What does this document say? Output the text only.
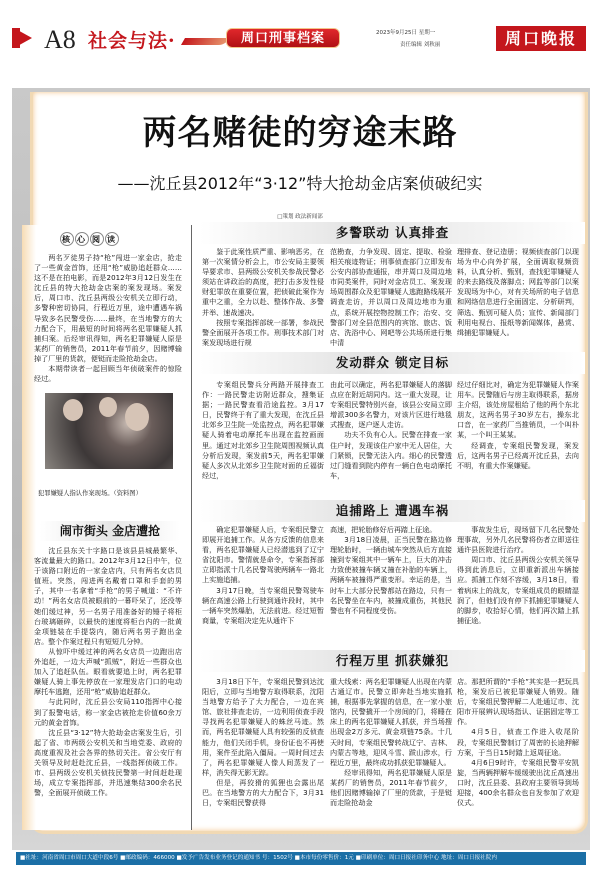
A8 社会与法·	周口刑事档案	2023年9月25日 星期一
责任编辑 刘秋丽	周口晚报
两名赌徒的穷途末路
——沈丘县2012年“3·12”特大抢劫金店案侦破纪实
□策划 政法新闻部
核 心 阅 读

两名歹徒男子持“枪”闯进一家金店，抢走了一些黄金首饰，还用“枪”威胁追赶群众……这不是在拍电影，而是2012年3月12日发生在沈丘县的特大抢劫金店案的案发现场。案发后，周口市、沈丘县两级公安机关立即行动，多警种密切协同，行程近万里，途中遭遇车祸导致多名民警受伤……最终，在当地警方的大力配合下，用最短的时间将两名犯罪嫌疑人抓捕归案。后经审讯得知，两名犯罪嫌疑人原是某药厂的销售员，2011年春节前夕，因赌博输掉了厂里的货款，便铤而走险抢劫金店。

本期带读者一起回顾当年侦破案件的惊险经过。

犯罪嫌疑人指认作案现场。（资料图）
闹市街头 金店遭抢

沈丘县东关十字路口是该县县城最繁华、客流量最大的路口。2012年3月12日中午，位于该路口附近的一家金店内，只有两名女店员值班。突然，闯进两名戴着口罩和手套的男子，其中一名拿着“手枪”的男子喊道：“不许动！”两名女店员被眼前的一幕吓呆了，还没等她们缓过神，另一名男子用准备好的锤子将柜台玻璃砸碎，以最快的速度将柜台内的一批黄金项链装在手提袋内，随后两名男子跑出金店。整个作案过程只有短短几分钟。

从惊吓中缓过神的两名女店员一边跑出店外追赶，一边大声喊“抓贼”，附近一些群众也加入了追赶队伍。眼看就要追上时，两名犯罪嫌疑人骑上事先停放在一家理发店门口的电动摩托车逃跑，还用“枪”威胁追赶群众。

与此同时，沈丘县公安局110指挥中心接到了报警电话，称一家金店被抢走价值60余万元的黄金首饰。

沈丘县“3·12”特大抢劫金店案发生后，引起了省、市两级公安机关和当地党委、政府的高度重视及社会各界的热切关注。省公安厅有关领导及时赶赴沈丘县，一线指挥侦破工作。市、县两级公安机关侦技民警第一时间赶赴现场，成立专案指挥部，并迅速集结300余名民警，全面展开侦破工作。

多警联动 认真排查

鉴于此案性质严重、影响恶劣，在第一次案情分析会上，市公安局主要领导要求市、县两级公安机关参战民警必须站在讲政治的高度，把打击多发性侵财犯罪放在重要位置，把侦破此案作为重中之重，全力以赴、整体作战、多警并举、速战速决。

按照专案指挥部统一部署，参战民警全面展开各项工作。刑事技术部门对案发现场进行规

范勘查，力争发现、固定、提取、检验相关痕迹物证；刑事侦查部门立即发布公安内部协查通报，串并周口及周边地市同类案件，同时对金店员工、案发现场周围群众及犯罪嫌疑人逃跑路线展开调查走访，并以周口及周边地市为重点，系统开展控物控制工作；治安、交警部门对全县范围内的宾馆、旅店、饭店、洗浴中心、网吧等公共场所进行集中清

理排查、登记造册；视频侦查部门以现场为中心向外扩展，全面调取视频资料，认真分析、甄别，查找犯罪嫌疑人的来去路线及落脚点；网监等部门以案发现场为中心，对有关场所的电子信息和网络信息进行全面固定、分析研判，筛选、甄别可疑人员；宣传、新闻部门利用电视台、报纸等新闻媒体，悬赏、缉捕犯罪嫌疑人。

发动群众 锁定目标

专案组民警兵分两路开展排查工作：一路民警走访附近群众，搜集证据；一路民警查看沿途监控。3月17日，民警终于有了重大发现，在沈丘县北郊乡卫生院一处监控点，两名犯罪嫌疑人骑着电动摩托车出现在监控画面里。通过对北郊乡卫生院周围视频认真分析后发现，案发前5天，两名犯罪嫌疑人多次从北郊乡卫生院对面的丘福街经过，

由此可以确定，两名犯罪嫌疑人的落脚点应在附近胡同内。这一重大发现，让专案组民警特别兴奋，该县公安局立即增派300多名警力，对该片区进行地毯式搜查，逐户逐人走访。

功夫不负有心人。民警在排查一家住户时，发现该住户家中无人居住，大门紧锁，民警无法入内。细心的民警透过门缝看到院内停有一辆白色电动摩托车，

经过仔细比对，确定为犯罪嫌疑人作案用车。民警随后与房主取得联系，据房主介绍，该处房屋租给了他的两个东北朋友，这两名男子30岁左右，操东北口音，在一家药厂当推销员，一个叫朴某，一个叫王某某。

经调查，专案组民警发现，案发后，这两名男子已经离开沈丘县，去向不明，有重大作案嫌疑。

追捕路上 遭遇车祸

确定犯罪嫌疑人后，专案组民警立即展开追捕工作。从各方反馈的信息来看，两名犯罪嫌疑人已经潜逃到了辽宁省沈阳市。警情就是命令，专案指挥部立即指派十几名民警驾驶两辆车一路北上实施追捕。

3月17日晚，当专案组民警驾驶车辆在高速公路上行驶到通许段时，其中一辆车突然爆胎，无法前进。经过短暂商量，专案组决定先从通许下

高速，把轮胎修好后再踏上征途。

3月18日凌晨，正当民警在路边修理轮胎时，一辆由城车突然从后方直接撞到专案组其中一辆车上，巨大的冲击力致使被撞车辆又撞在补胎的车辆上，两辆车被撞得严重变形。幸运的是，当时车上大部分民警都站在路边，只有一名民警坐在车内，被撞成重伤，其他民警也有不同程度受伤。

事故发生后，现场留下几名民警处理事故，另外几名民警将伤者立即送往通许县医院进行治疗。

周口市、沈丘县两级公安机关领导得到此消息后，立即重新派出车辆接应。抓捕工作刻不容缓，3月18日，看着病床上的战友，专案组成员的眼睛湿润了，但他们没有停下抓捕犯罪嫌疑人的脚步，收拾好心情，他们再次踏上抓捕征途。

行程万里 抓获嫌犯

3月18日下午，专案组民警到达沈阳后，立即与当地警方取得联系，沈阳当地警方给予了大力配合，一边在宾馆、旅社排查走访，一边利用侦查手段寻找两名犯罪嫌疑人的蛛丝马迹。然而，两名犯罪嫌疑人具有较强的反侦查能力，他们关闭手机，身份证也不再使用，案件至此陷入僵局。一周时间过去了，两名犯罪嫌疑人像人间蒸发了一样，消失得无影无踪。

但是，再狡猾的狐狸也会露出尾巴。在当地警方的大力配合下，3月31日，专案组民警获得

重大线索：两名犯罪嫌疑人出现在内蒙古通辽市。民警立即奔赴当地实施抓捕，根据事先掌握的信息，在一家小旅馆内，民警撬开一个房间的门，将睡在床上的两名犯罪嫌疑人抓获，并当场搜出现金2万多元、黄金项链75条。十几天时间，专案组民警转战辽宁、吉林、内蒙古等地，迎风斗雪、跋山涉水，行程近万里，最终成功抓获犯罪嫌疑人。

经审讯得知，两名犯罪嫌疑人原是某药厂的销售员，2011年春节前夕，他们因赌博输掉了厂里的货款，于是铤而走险抢劫金

店。那把所谓的“手枪”其实是一把玩具枪，案发后已被犯罪嫌疑人销毁。随后，专案组民警押解二人赴通辽市、沈阳市开展辨认现场指认、证据固定等工作。

4月5日，侦查工作进入收尾阶段，专案组民警制订了周密的长途押解方案，于当日15时踏上返周征途。

4月6日9时许，专案组民警平安凯旋，当两辆押解车缓缓驶出沈丘高速出口时，沈丘县委、县政府主要领导到场迎接，400余名群众也自发参加了欢迎仪式。

■社址：河南省周口市周口大道中段6号 ■邮政编码：466000 ■发予广告发布业务登记的通知书 号：1502号 ■本市每份零售价：1元 ■印刷单位：周口日报社印务中心 地址：周口日报社院内
